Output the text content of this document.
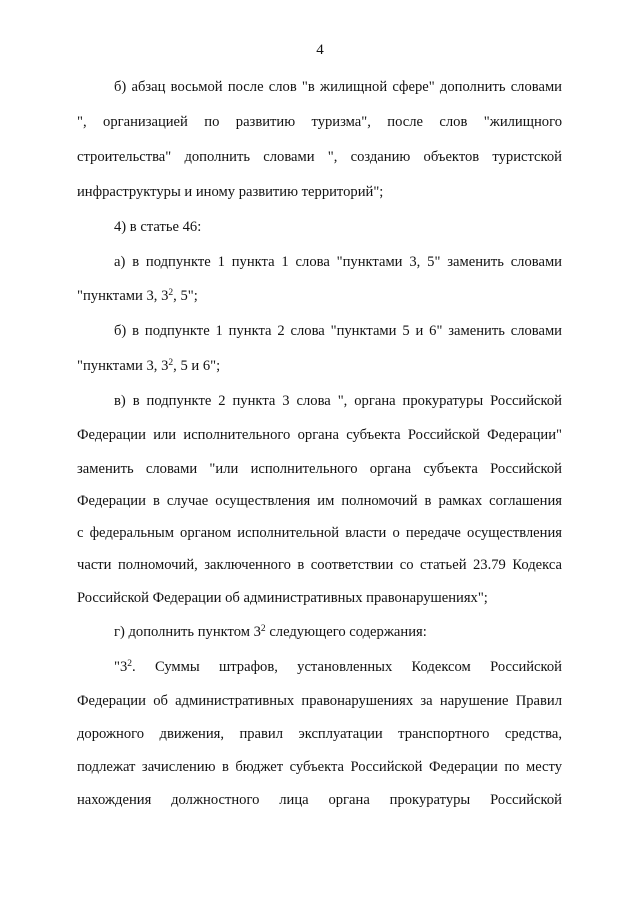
4
б) абзац восьмой после слов "в жилищной сфере" дополнить словами
", организацией по развитию туризма", после слов "жилищного
строительства" дополнить словами ", созданию объектов туристской
инфраструктуры и иному развитию территорий";
4) в статье 46:
а) в подпункте 1 пункта 1 слова "пунктами 3, 5" заменить словами
"пунктами 3, $3^2$, 5";
б) в подпункте 1 пункта 2 слова "пунктами 5 и 6" заменить словами
"пунктами 3, $3^2$, 5 и 6";
в) в подпункте 2 пункта 3 слова ", органа прокуратуры Российской
Федерации или исполнительного органа субъекта Российской Федерации"
заменить словами "или исполнительного органа субъекта Российской
Федерации в случае осуществления им полномочий в рамках соглашения
с федеральным органом исполнительной власти о передаче осуществления
части полномочий, заключенного в соответствии со статьей 23.79 Кодекса
Российской Федерации об административных правонарушениях";
г) дополнить пунктом $3^2$ следующего содержания:
"$3^2$. Суммы штрафов, установленных Кодексом Российской
Федерации об административных правонарушениях за нарушение Правил
дорожного движения, правил эксплуатации транспортного средства,
подлежат зачислению в бюджет субъекта Российской Федерации по месту
нахождения должностного лица органа прокуратуры Российской
